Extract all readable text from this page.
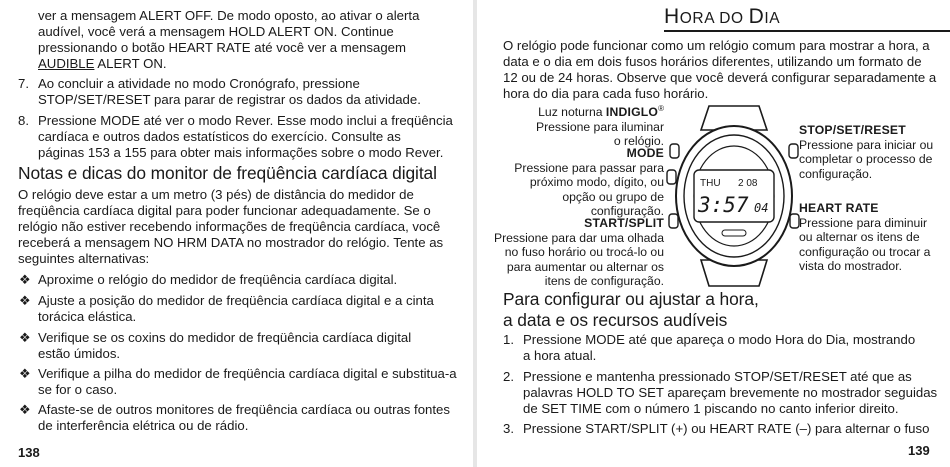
ver a mensagem ALERT OFF. De modo oposto, ao ativar o alerta

audível, você verá a mensagem HOLD ALERT ON. Continue

pressionando o botão HEART RATE até você ver a mensagem

AUDIBLE ALERT ON.

7. Ao concluir a atividade no modo Cronógrafo, pressione

STOP/SET/RESET para parar de registrar os dados da atividade.

8. Pressione MODE até ver o modo Rever. Esse modo inclui a freqüência

cardíaca e outros dados estatísticos do exercício. Consulte as

páginas 153 a 155 para obter mais informações sobre o modo Rever.

Notas e dicas do monitor de freqüência cardíaca digital

O relógio deve estar a um metro (3 pés) de distância do medidor de

freqüência cardíaca digital para poder funcionar adequadamente. Se o

relógio não estiver recebendo informações de freqüência cardíaca, você

receberá a mensagem NO HRM DATA no mostrador do relógio. Tente as

seguintes alternativas:

❖ Aproxime o relógio do medidor de freqüência cardíaca digital.

❖ Ajuste a posição do medidor de freqüência cardíaca digital e a cinta

torácica elástica.

❖ Verifique se os coxins do medidor de freqüência cardíaca digital

estão úmidos.

❖ Verifique a pilha do medidor de freqüência cardíaca digital e substitua-a

se for o caso.

❖ Afaste-se de outros monitores de freqüência cardíaca ou outras fontes

de interferência elétrica ou de rádio.

138
HORA DO DIA

O relógio pode funcionar como um relógio comum para mostrar a hora, a

data e o dia em dois fusos horários diferentes, utilizando um formato de

12 ou de 24 horas. Observe que você deverá configurar separadamente a

hora do dia para cada fuso horário.

Luz noturna INDIGLO®
Pressione para iluminar
o relógio.
MODE
Pressione para passar para
próximo modo, dígito, ou
opção ou grupo de
configuração.
START/SPLIT
Pressione para dar uma olhada
no fuso horário ou trocá-lo ou
para aumentar ou alternar os
itens de configuração.
STOP/SET/RESET
Pressione para iniciar ou
completar o processo de
configuração.
HEART RATE
Pressione para diminuir
ou alternar os itens de
configuração ou trocar a
vista do mostrador.
THU 2 08
3:57 04
Para configurar ou ajustar a hora,
a data e os recursos audíveis
1. Pressione MODE até que apareça o modo Hora do Dia, mostrando

a hora atual.

2. Pressione e mantenha pressionado STOP/SET/RESET até que as

palavras HOLD TO SET apareçam brevemente no mostrador seguidas

de SET TIME com o número 1 piscando no canto inferior direito.

3. Pressione START/SPLIT (+) ou HEART RATE (–) para alternar o fuso

139
